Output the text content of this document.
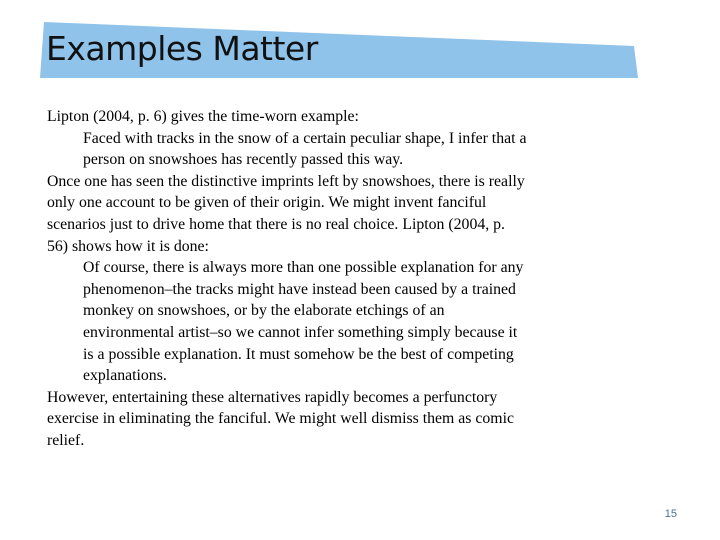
Examples Matter

Lipton (2004, p. 6) gives the time-worn example:

Faced with tracks in the snow of a certain peculiar shape, I infer that a person on snowshoes has recently passed this way.

Once one has seen the distinctive imprints left by snowshoes, there is really only one account to be given of their origin. We might invent fanciful scenarios just to drive home that there is no real choice. Lipton (2004, p. 56) shows how it is done:

Of course, there is always more than one possible explanation for any phenomenon–the tracks might have instead been caused by a trained monkey on snowshoes, or by the elaborate etchings of an environmental artist–so we cannot infer something simply because it is a possible explanation. It must somehow be the best of competing explanations.

However, entertaining these alternatives rapidly becomes a perfunctory exercise in eliminating the fanciful. We might well dismiss them as comic relief.

15
